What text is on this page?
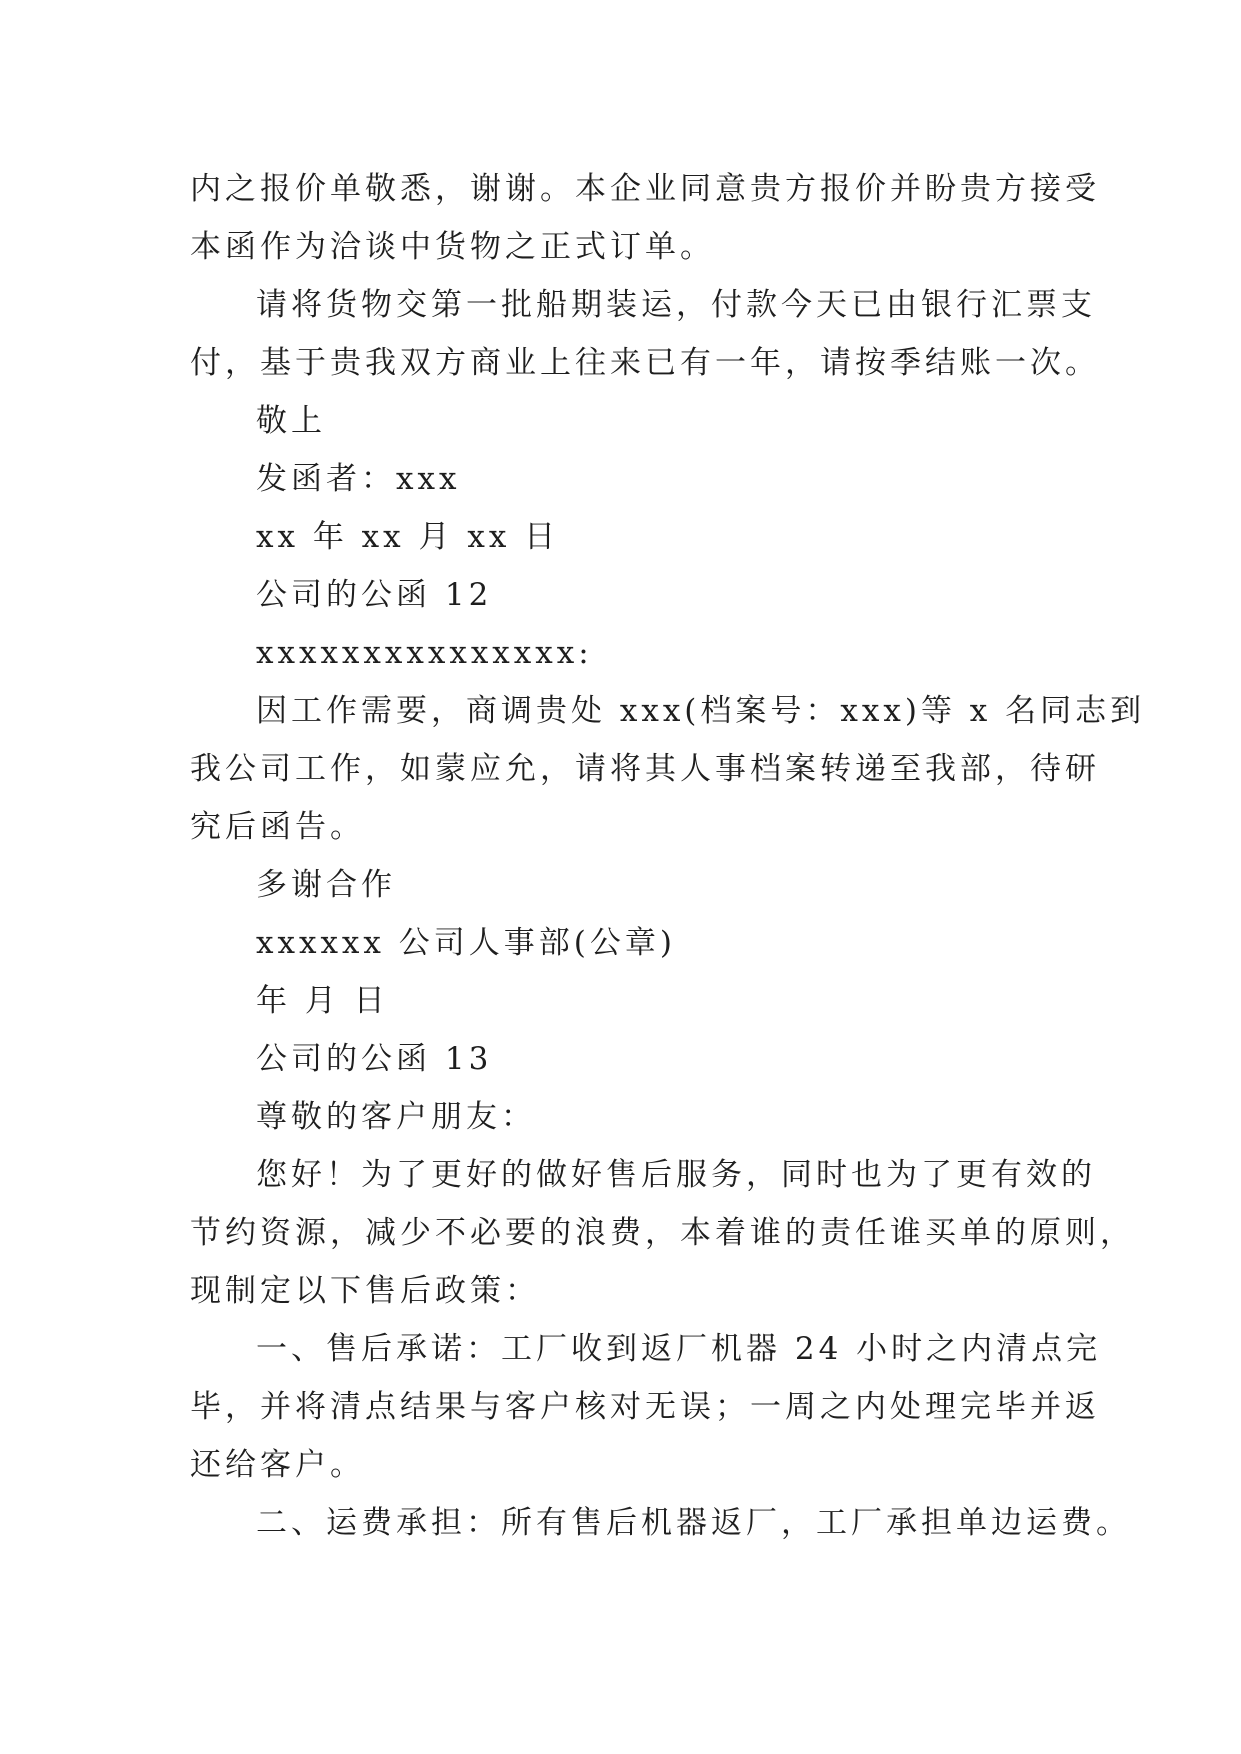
内之报价单敬悉，谢谢。本企业同意贵方报价并盼贵方接受
本函作为洽谈中货物之正式订单。
请将货物交第一批船期装运，付款今天已由银行汇票支
付，基于贵我双方商业上往来已有一年，请按季结账一次。
敬上
发函者：xxx
xx 年 xx 月 xx 日
公司的公函 12
xxxxxxxxxxxxxxx:
因工作需要，商调贵处 xxx(档案号：xxx)等 x 名同志到
我公司工作，如蒙应允，请将其人事档案转递至我部，待研
究后函告。
多谢合作
xxxxxx 公司人事部(公章)
年 月 日
公司的公函 13
尊敬的客户朋友：
您好！为了更好的做好售后服务，同时也为了更有效的
节约资源，减少不必要的浪费，本着谁的责任谁买单的原则，
现制定以下售后政策：
一、售后承诺：工厂收到返厂机器 24 小时之内清点完
毕，并将清点结果与客户核对无误；一周之内处理完毕并返
还给客户。
二、运费承担：所有售后机器返厂，工厂承担单边运费。
